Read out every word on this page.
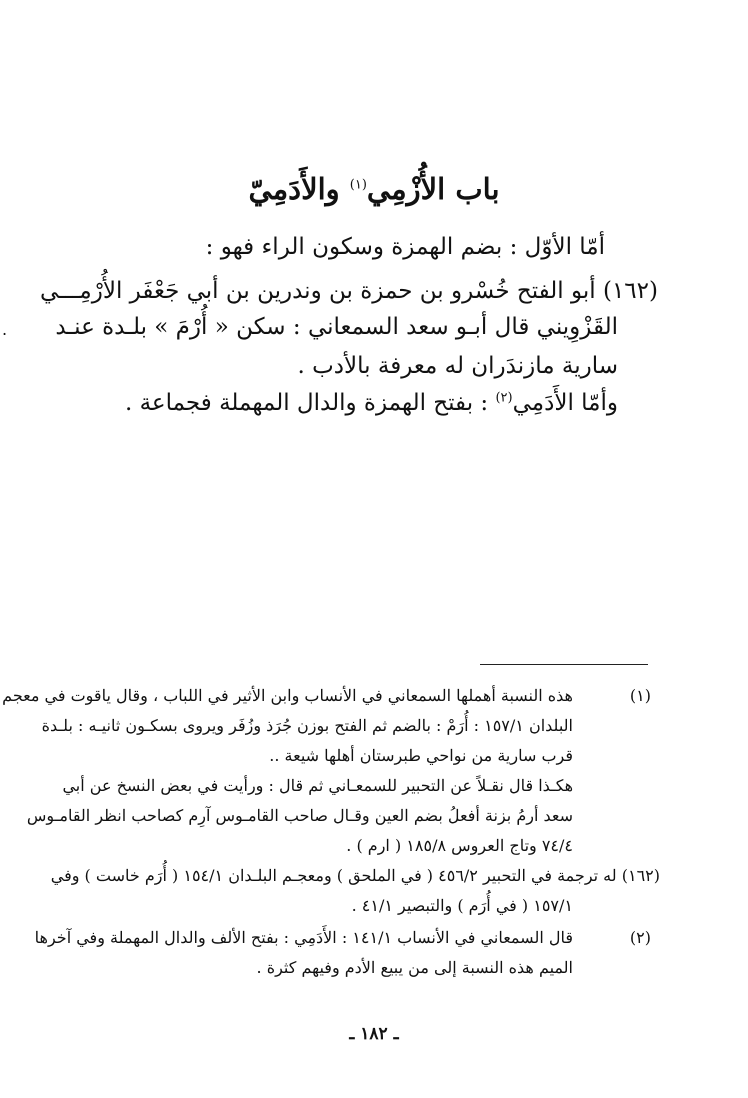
.
باب الأُزْمِي$^{(١)}$ والأَدَمِيّ
أمّا الأوّل : بضم الهمزة وسكون الراء فهو :
(١٦٢) أبو الفتح خُسْرو بن حمزة بن وندرين بن أبي جَعْفَر الأُرْمِـــي
القَزْوِيني قال أبـو سعد السمعاني : سكن « أُرْمَ » بلـدة عنـد
سارية مازندَران له معرفة بالأدب .
وأمّا الأَدَمِي$^{(٢)}$ : بفتح الهمزة والدال المهملة فجماعة .
(١)
هذه النسبة أهملها السمعاني في الأنساب وابن الأثير في اللباب ، وقال ياقوت في معجم
البلدان ١٥٧/١ : أُرَمْ : بالضم ثم الفتح بوزن جُرَذ وزُفَر ويروى بسكـون ثانيـه : بلـدة
قرب سارية من نواحي طبرستان أهلها شيعة ..
هكـذا قال نقـلاً عن التحبير للسمعـاني ثم قال : ورأيت في بعض النسخ عن أبي
سعد أرمُ بزنة أفعلُ بضم العين وقـال صاحب القامـوس آرِم كصاحب انظر القامـوس
٧٤/٤ وتاج العروس ١٨٥/٨ ( ارم ) .
(١٦٢) له ترجمة في التحبير ٤٥٦/٢ ( في الملحق ) ومعجـم البلـدان ١٥٤/١ ( أُرَم خاست ) وفي
١٥٧/١ ( في أُرَم ) والتبصير ٤١/١ .
(٢)
قال السمعاني في الأنساب ١٤١/١ : الأَدَمِي : بفتح الألف والدال المهملة وفي آخرها
الميم هذه النسبة إلى من يبيع الأدم وفيهم كثرة .
ـ ١٨٢ ـ
